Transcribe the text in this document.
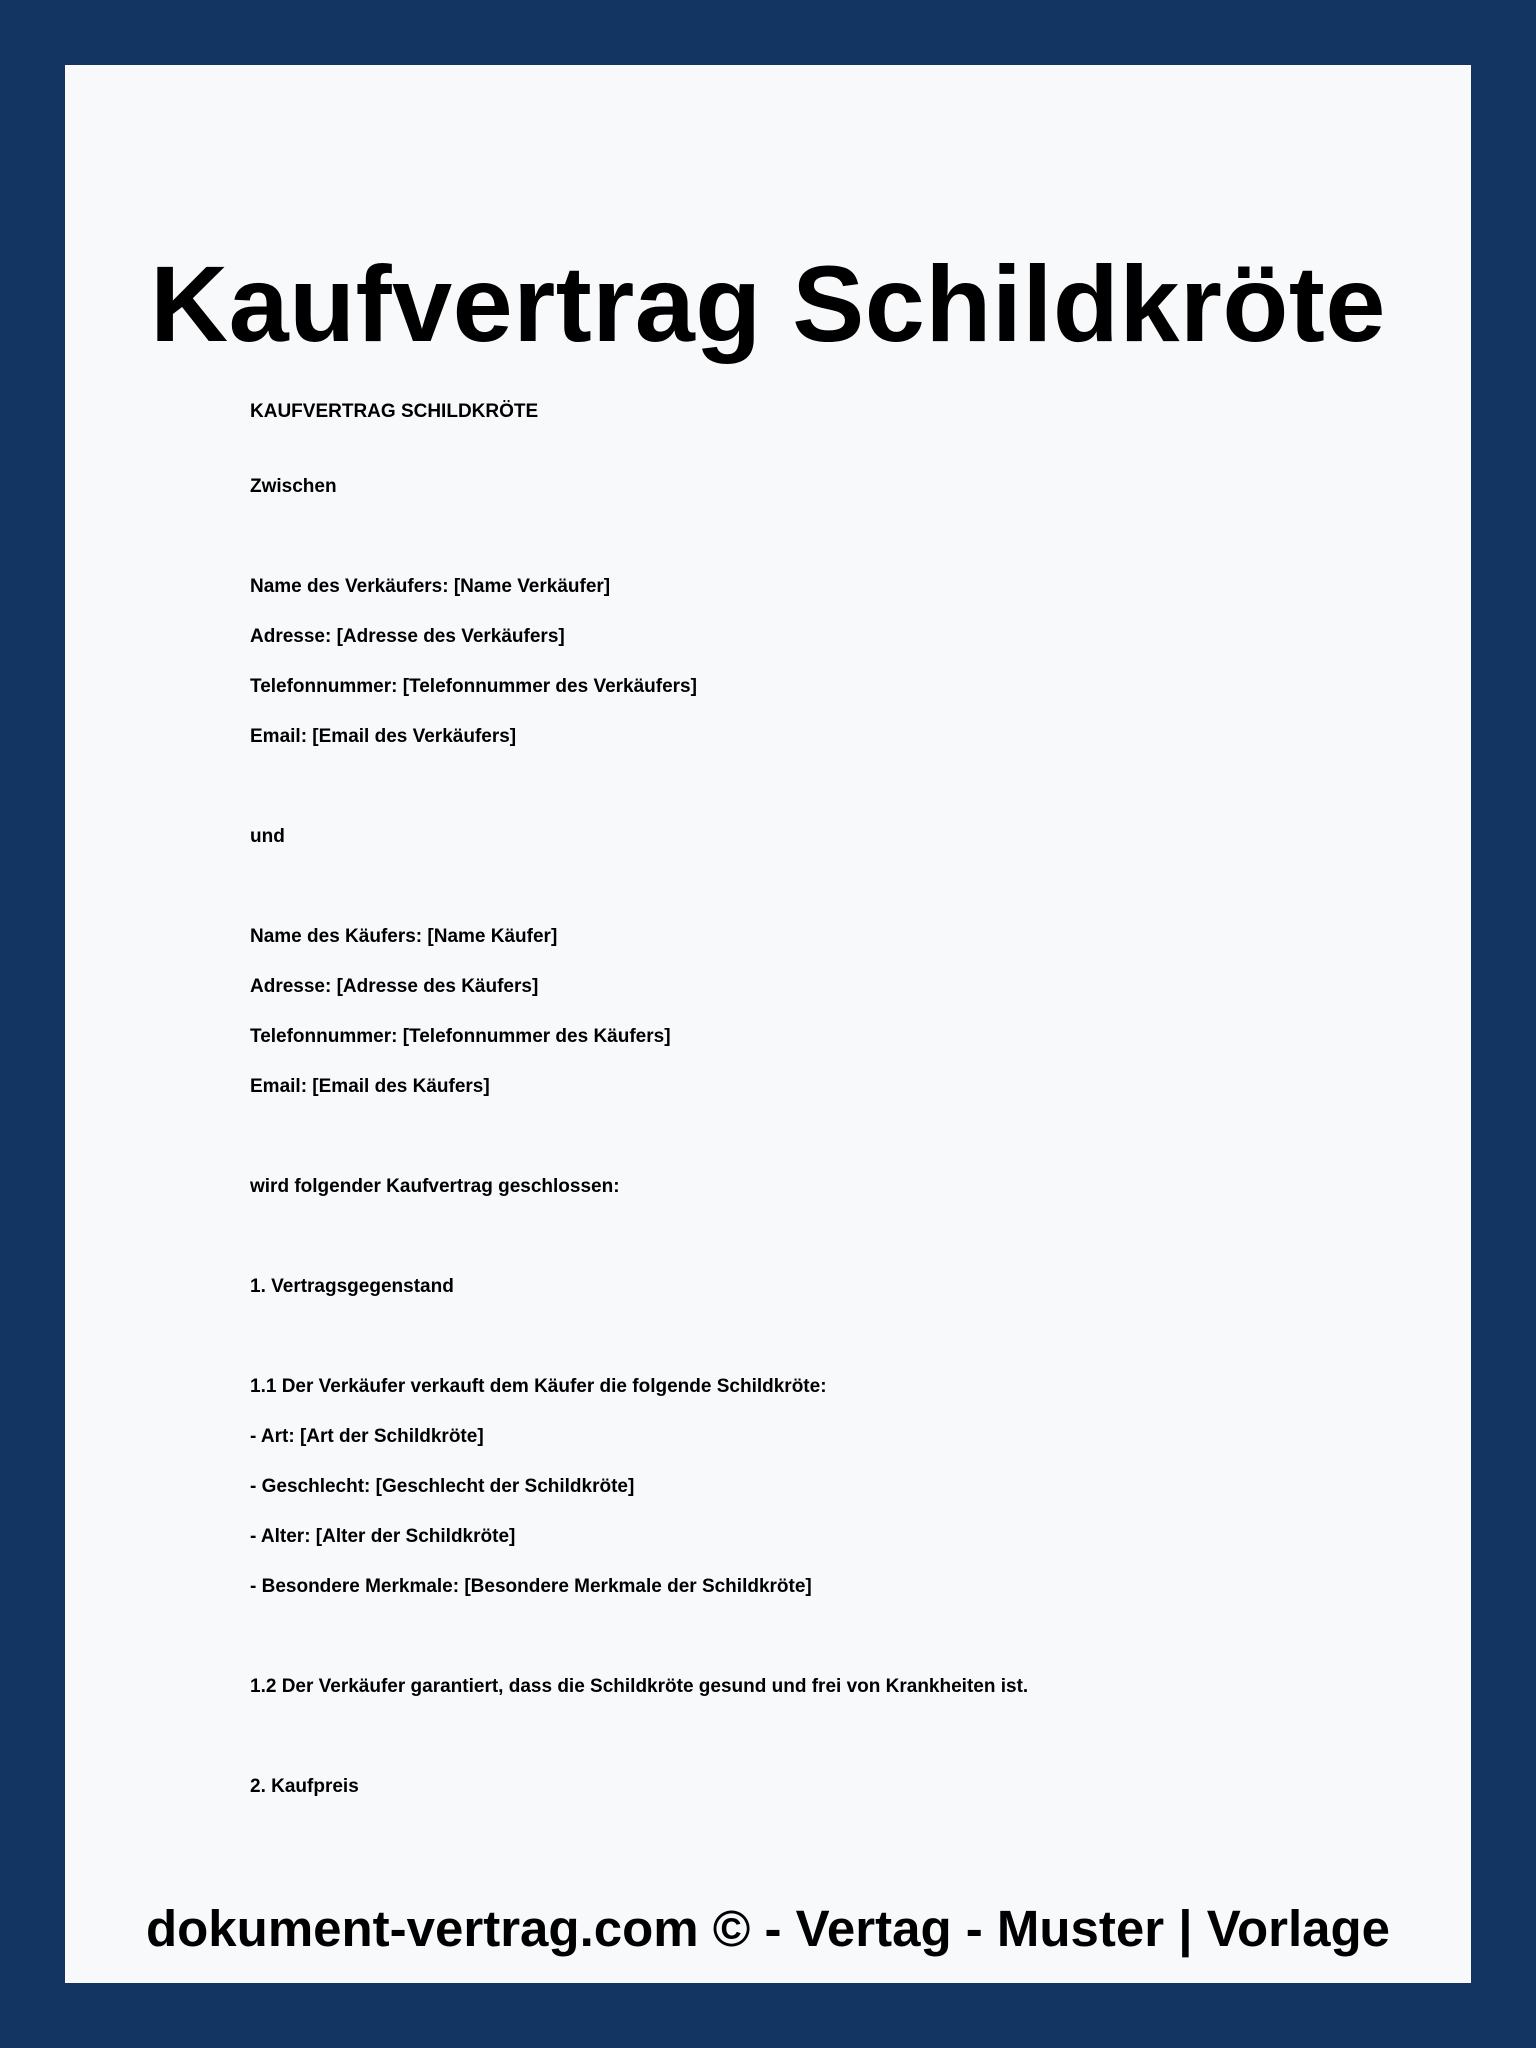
Kaufvertrag Schildkröte
KAUFVERTRAG SCHILDKRÖTE
Zwischen
Name des Verkäufers: [Name Verkäufer]
Adresse: [Adresse des Verkäufers]
Telefonnummer: [Telefonnummer des Verkäufers]
Email: [Email des Verkäufers]
und
Name des Käufers: [Name Käufer]
Adresse: [Adresse des Käufers]
Telefonnummer: [Telefonnummer des Käufers]
Email: [Email des Käufers]
wird folgender Kaufvertrag geschlossen:
1. Vertragsgegenstand
1.1 Der Verkäufer verkauft dem Käufer die folgende Schildkröte:
- Art: [Art der Schildkröte]
- Geschlecht: [Geschlecht der Schildkröte]
- Alter: [Alter der Schildkröte]
- Besondere Merkmale: [Besondere Merkmale der Schildkröte]
1.2 Der Verkäufer garantiert, dass die Schildkröte gesund und frei von Krankheiten ist.
2. Kaufpreis
dokument-vertrag.com © - Vertag - Muster | Vorlage
